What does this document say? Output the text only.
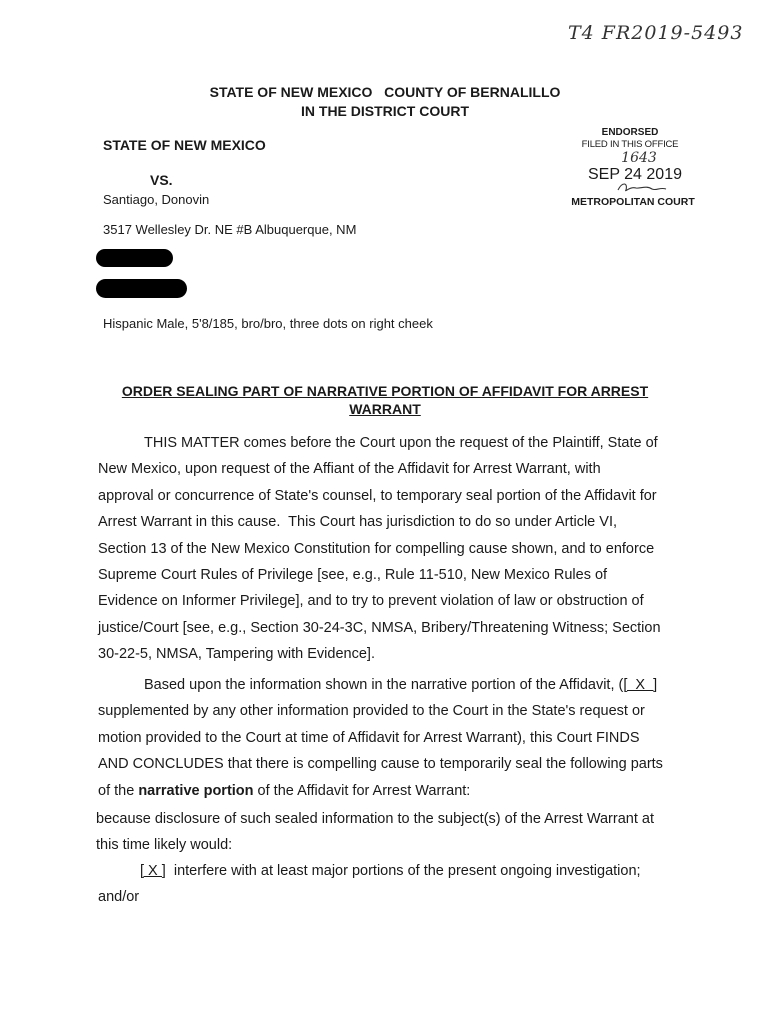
T4 FR2019-5493
STATE OF NEW MEXICO   COUNTY OF BERNALILLO
IN THE DISTRICT COURT
STATE OF NEW MEXICO
VS.
Santiago, Donovin
3517 Wellesley Dr. NE #B Albuquerque, NM
Hispanic Male, 5'8/185, bro/bro, three dots on right cheek
ENDORSED
FILED IN THIS OFFICE
1643
SEP 24 2019
METROPOLITAN COURT
ORDER SEALING PART OF NARRATIVE PORTION OF AFFIDAVIT FOR ARREST
WARRANT
THIS MATTER comes before the Court upon the request of the Plaintiff, State of
New Mexico, upon request of the Affiant of the Affidavit for Arrest Warrant, with
approval or concurrence of State's counsel, to temporary seal portion of the Affidavit for
Arrest Warrant in this cause.  This Court has jurisdiction to do so under Article VI,
Section 13 of the New Mexico Constitution for compelling cause shown, and to enforce
Supreme Court Rules of Privilege [see, e.g., Rule 11-510, New Mexico Rules of
Evidence on Informer Privilege], and to try to prevent violation of law or obstruction of
justice/Court [see, e.g., Section 30-24-3C, NMSA, Bribery/Threatening Witness; Section
30-22-5, NMSA, Tampering with Evidence].
Based upon the information shown in the narrative portion of the Affidavit, ([  X  ]
supplemented by any other information provided to the Court in the State's request or
motion provided to the Court at time of Affidavit for Arrest Warrant), this Court FINDS
AND CONCLUDES that there is compelling cause to temporarily seal the following parts
of the narrative portion of the Affidavit for Arrest Warrant:
because disclosure of such sealed information to the subject(s) of the Arrest Warrant at
this time likely would:
[ X ] interfere with at least major portions of the present ongoing investigation;
and/or
